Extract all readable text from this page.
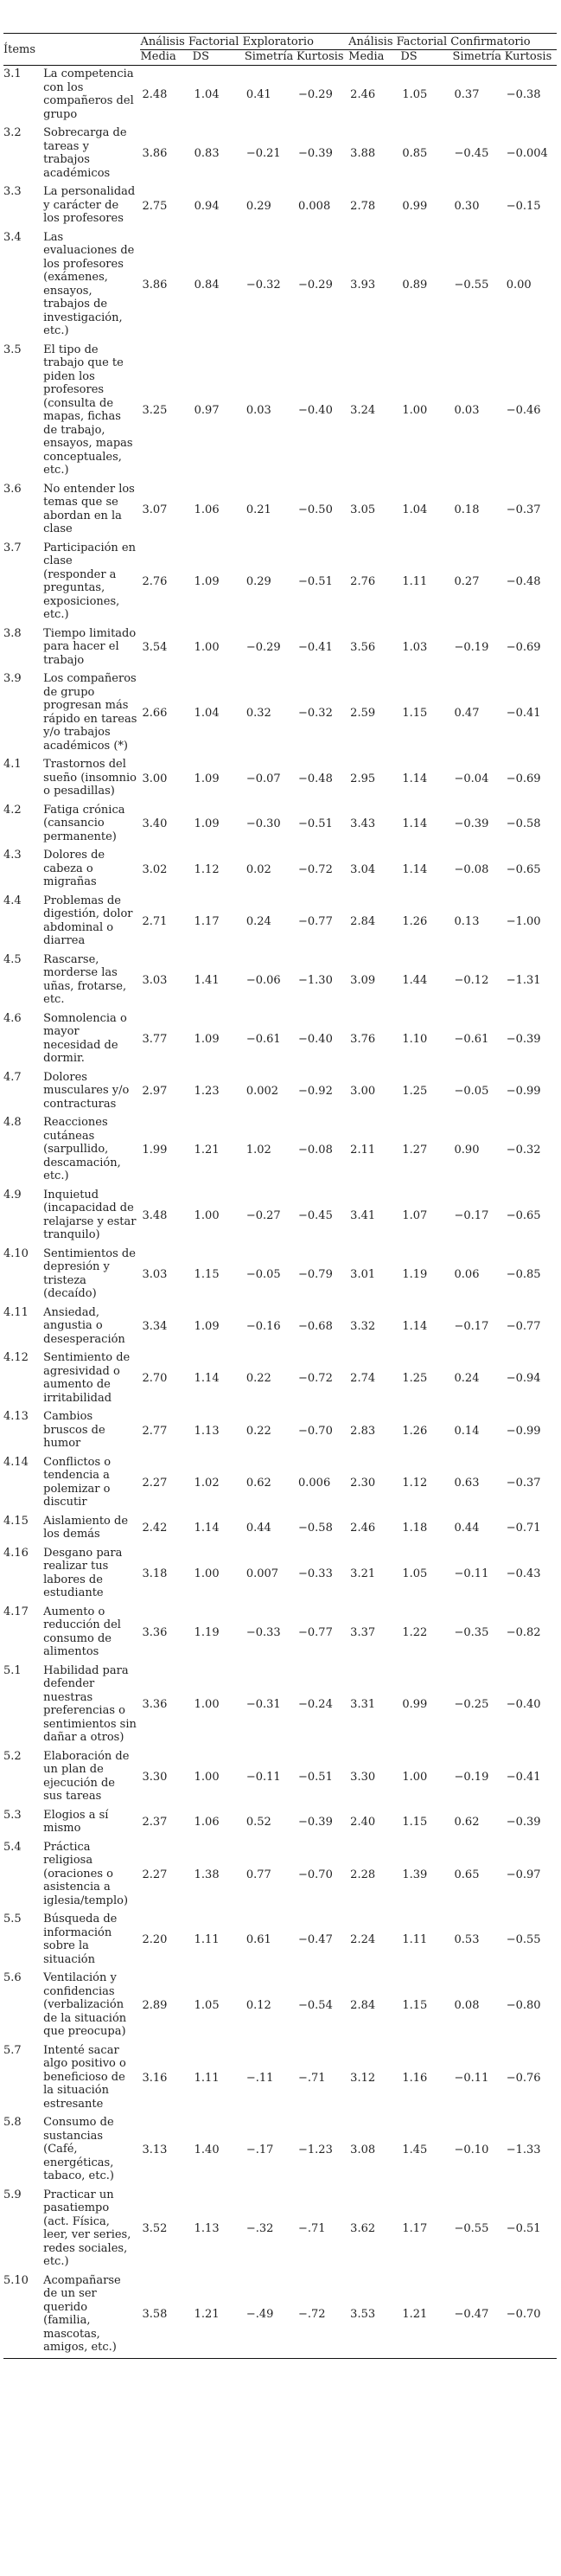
Ítems		Análisis Factorial Exploratorio				Análisis Factorial Confirmatorio			
		Media	DS	Simetría	Kurtosis	Media	DS	Simetría	Kurtosis
3.1	La competencia con los compañeros del grupo	2.48	1.04	0.41	−0.29	2.46	1.05	0.37	−0.38
3.2	Sobrecarga de tareas y trabajos académicos	3.86	0.83	−0.21	−0.39	3.88	0.85	−0.45	−0.004
3.3	La personalidad y carácter de los profesores	2.75	0.94	0.29	0.008	2.78	0.99	0.30	−0.15
3.4	Las evaluaciones de los profesores (exámenes, ensayos, trabajos de investigación, etc.)	3.86	0.84	−0.32	−0.29	3.93	0.89	−0.55	0.00
3.5	El tipo de trabajo que te piden los profesores (consulta de mapas, fichas de trabajo, ensayos, mapas conceptuales, etc.)	3.25	0.97	0.03	−0.40	3.24	1.00	0.03	−0.46
3.6	No entender los temas que se abordan en la clase	3.07	1.06	0.21	−0.50	3.05	1.04	0.18	−0.37
3.7	Participación en clase (responder a preguntas, exposiciones, etc.)	2.76	1.09	0.29	−0.51	2.76	1.11	0.27	−0.48
3.8	Tiempo limitado para hacer el trabajo	3.54	1.00	−0.29	−0.41	3.56	1.03	−0.19	−0.69
3.9	Los compañeros de grupo progresan más rápido en tareas y/o trabajos académicos (*)	2.66	1.04	0.32	−0.32	2.59	1.15	0.47	−0.41
4.1	Trastornos del sueño (insomnio o pesadillas)	3.00	1.09	−0.07	−0.48	2.95	1.14	−0.04	−0.69
4.2	Fatiga crónica (cansancio permanente)	3.40	1.09	−0.30	−0.51	3.43	1.14	−0.39	−0.58
4.3	Dolores de cabeza o migrañas	3.02	1.12	0.02	−0.72	3.04	1.14	−0.08	−0.65
4.4	Problemas de digestión, dolor abdominal o diarrea	2.71	1.17	0.24	−0.77	2.84	1.26	0.13	−1.00
4.5	Rascarse, morderse las uñas, frotarse, etc.	3.03	1.41	−0.06	−1.30	3.09	1.44	−0.12	−1.31
4.6	Somnolencia o mayor necesidad de dormir.	3.77	1.09	−0.61	−0.40	3.76	1.10	−0.61	−0.39
4.7	Dolores musculares y/o contracturas	2.97	1.23	0.002	−0.92	3.00	1.25	−0.05	−0.99
4.8	Reacciones cutáneas (sarpullido, descamación, etc.)	1.99	1.21	1.02	−0.08	2.11	1.27	0.90	−0.32
4.9	Inquietud (incapacidad de relajarse y estar tranquilo)	3.48	1.00	−0.27	−0.45	3.41	1.07	−0.17	−0.65
4.10	Sentimientos de depresión y tristeza (decaído)	3.03	1.15	−0.05	−0.79	3.01	1.19	0.06	−0.85
4.11	Ansiedad, angustia o desesperación	3.34	1.09	−0.16	−0.68	3.32	1.14	−0.17	−0.77
4.12	Sentimiento de agresividad o aumento de irritabilidad	2.70	1.14	0.22	−0.72	2.74	1.25	0.24	−0.94
4.13	Cambios bruscos de humor	2.77	1.13	0.22	−0.70	2.83	1.26	0.14	−0.99
4.14	Conflictos o tendencia a polemizar o discutir	2.27	1.02	0.62	0.006	2.30	1.12	0.63	−0.37
4.15	Aislamiento de los demás	2.42	1.14	0.44	−0.58	2.46	1.18	0.44	−0.71
4.16	Desgano para realizar tus labores de estudiante	3.18	1.00	0.007	−0.33	3.21	1.05	−0.11	−0.43
4.17	Aumento o reducción del consumo de alimentos	3.36	1.19	−0.33	−0.77	3.37	1.22	−0.35	−0.82
5.1	Habilidad para defender nuestras preferencias o sentimientos sin dañar a otros)	3.36	1.00	−0.31	−0.24	3.31	0.99	−0.25	−0.40
5.2	Elaboración de un plan de ejecución de sus tareas	3.30	1.00	−0.11	−0.51	3.30	1.00	−0.19	−0.41
5.3	Elogios a sí mismo	2.37	1.06	0.52	−0.39	2.40	1.15	0.62	−0.39
5.4	Práctica religiosa (oraciones o asistencia a iglesia/templo)	2.27	1.38	0.77	−0.70	2.28	1.39	0.65	−0.97
5.5	Búsqueda de información sobre la situación	2.20	1.11	0.61	−0.47	2.24	1.11	0.53	−0.55
5.6	Ventilación y confidencias (verbalización de la situación que preocupa)	2.89	1.05	0.12	−0.54	2.84	1.15	0.08	−0.80
5.7	Intenté sacar algo positivo o beneficioso de la situación estresante	3.16	1.11	−.11	−.71	3.12	1.16	−0.11	−0.76
5.8	Consumo de sustancias (Café, energéticas, tabaco, etc.)	3.13	1.40	−.17	−1.23	3.08	1.45	−0.10	−1.33
5.9	Practicar un pasatiempo (act. Física, leer, ver series, redes sociales, etc.)	3.52	1.13	−.32	−.71	3.62	1.17	−0.55	−0.51
5.10	Acompañarse de un ser querido (familia, mascotas, amigos, etc.)	3.58	1.21	−.49	−.72	3.53	1.21	−0.47	−0.70
